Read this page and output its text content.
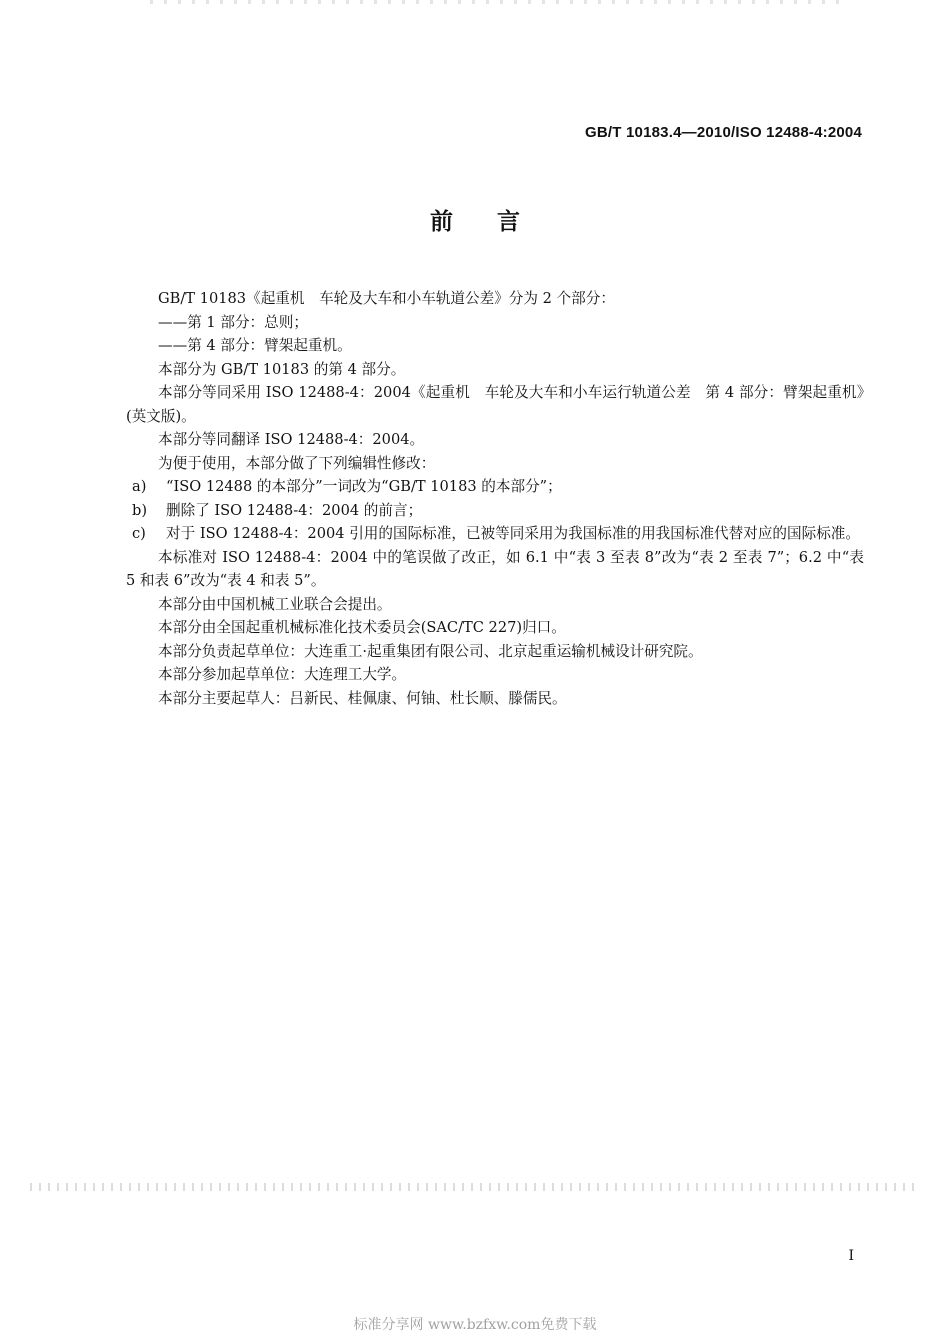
GB/T 10183.4—2010/ISO 12488-4:2004
前言

GB/T 10183《起重机　车轮及大车和小车轨道公差》分为 2 个部分：

——第 1 部分：总则；

——第 4 部分：臂架起重机。

本部分为 GB/T 10183 的第 4 部分。

本部分等同采用 ISO 12488-4：2004《起重机　车轮及大车和小车运行轨道公差　第 4 部分：臂架起重机》(英文版)。

本部分等同翻译 ISO 12488-4：2004。

为便于使用，本部分做了下列编辑性修改：

a)	“ISO 12488 的本部分”一词改为“GB/T 10183 的本部分”；
b)	删除了 ISO 12488-4：2004 的前言；
c)	对于 ISO 12488-4：2004 引用的国际标准，已被等同采用为我国标准的用我国标准代替对应的国际标准。

本标准对 ISO 12488-4：2004 中的笔误做了改正，如 6.1 中“表 3 至表 8”改为“表 2 至表 7”；6.2 中“表 5 和表 6”改为“表 4 和表 5”。

本部分由中国机械工业联合会提出。

本部分由全国起重机械标准化技术委员会(SAC/TC 227)归口。

本部分负责起草单位：大连重工·起重集团有限公司、北京起重运输机械设计研究院。

本部分参加起草单位：大连理工大学。

本部分主要起草人：吕新民、桂佩康、何铀、杜长顺、滕儒民。

I
标准分享网 www.bzfxw.com免费下载
